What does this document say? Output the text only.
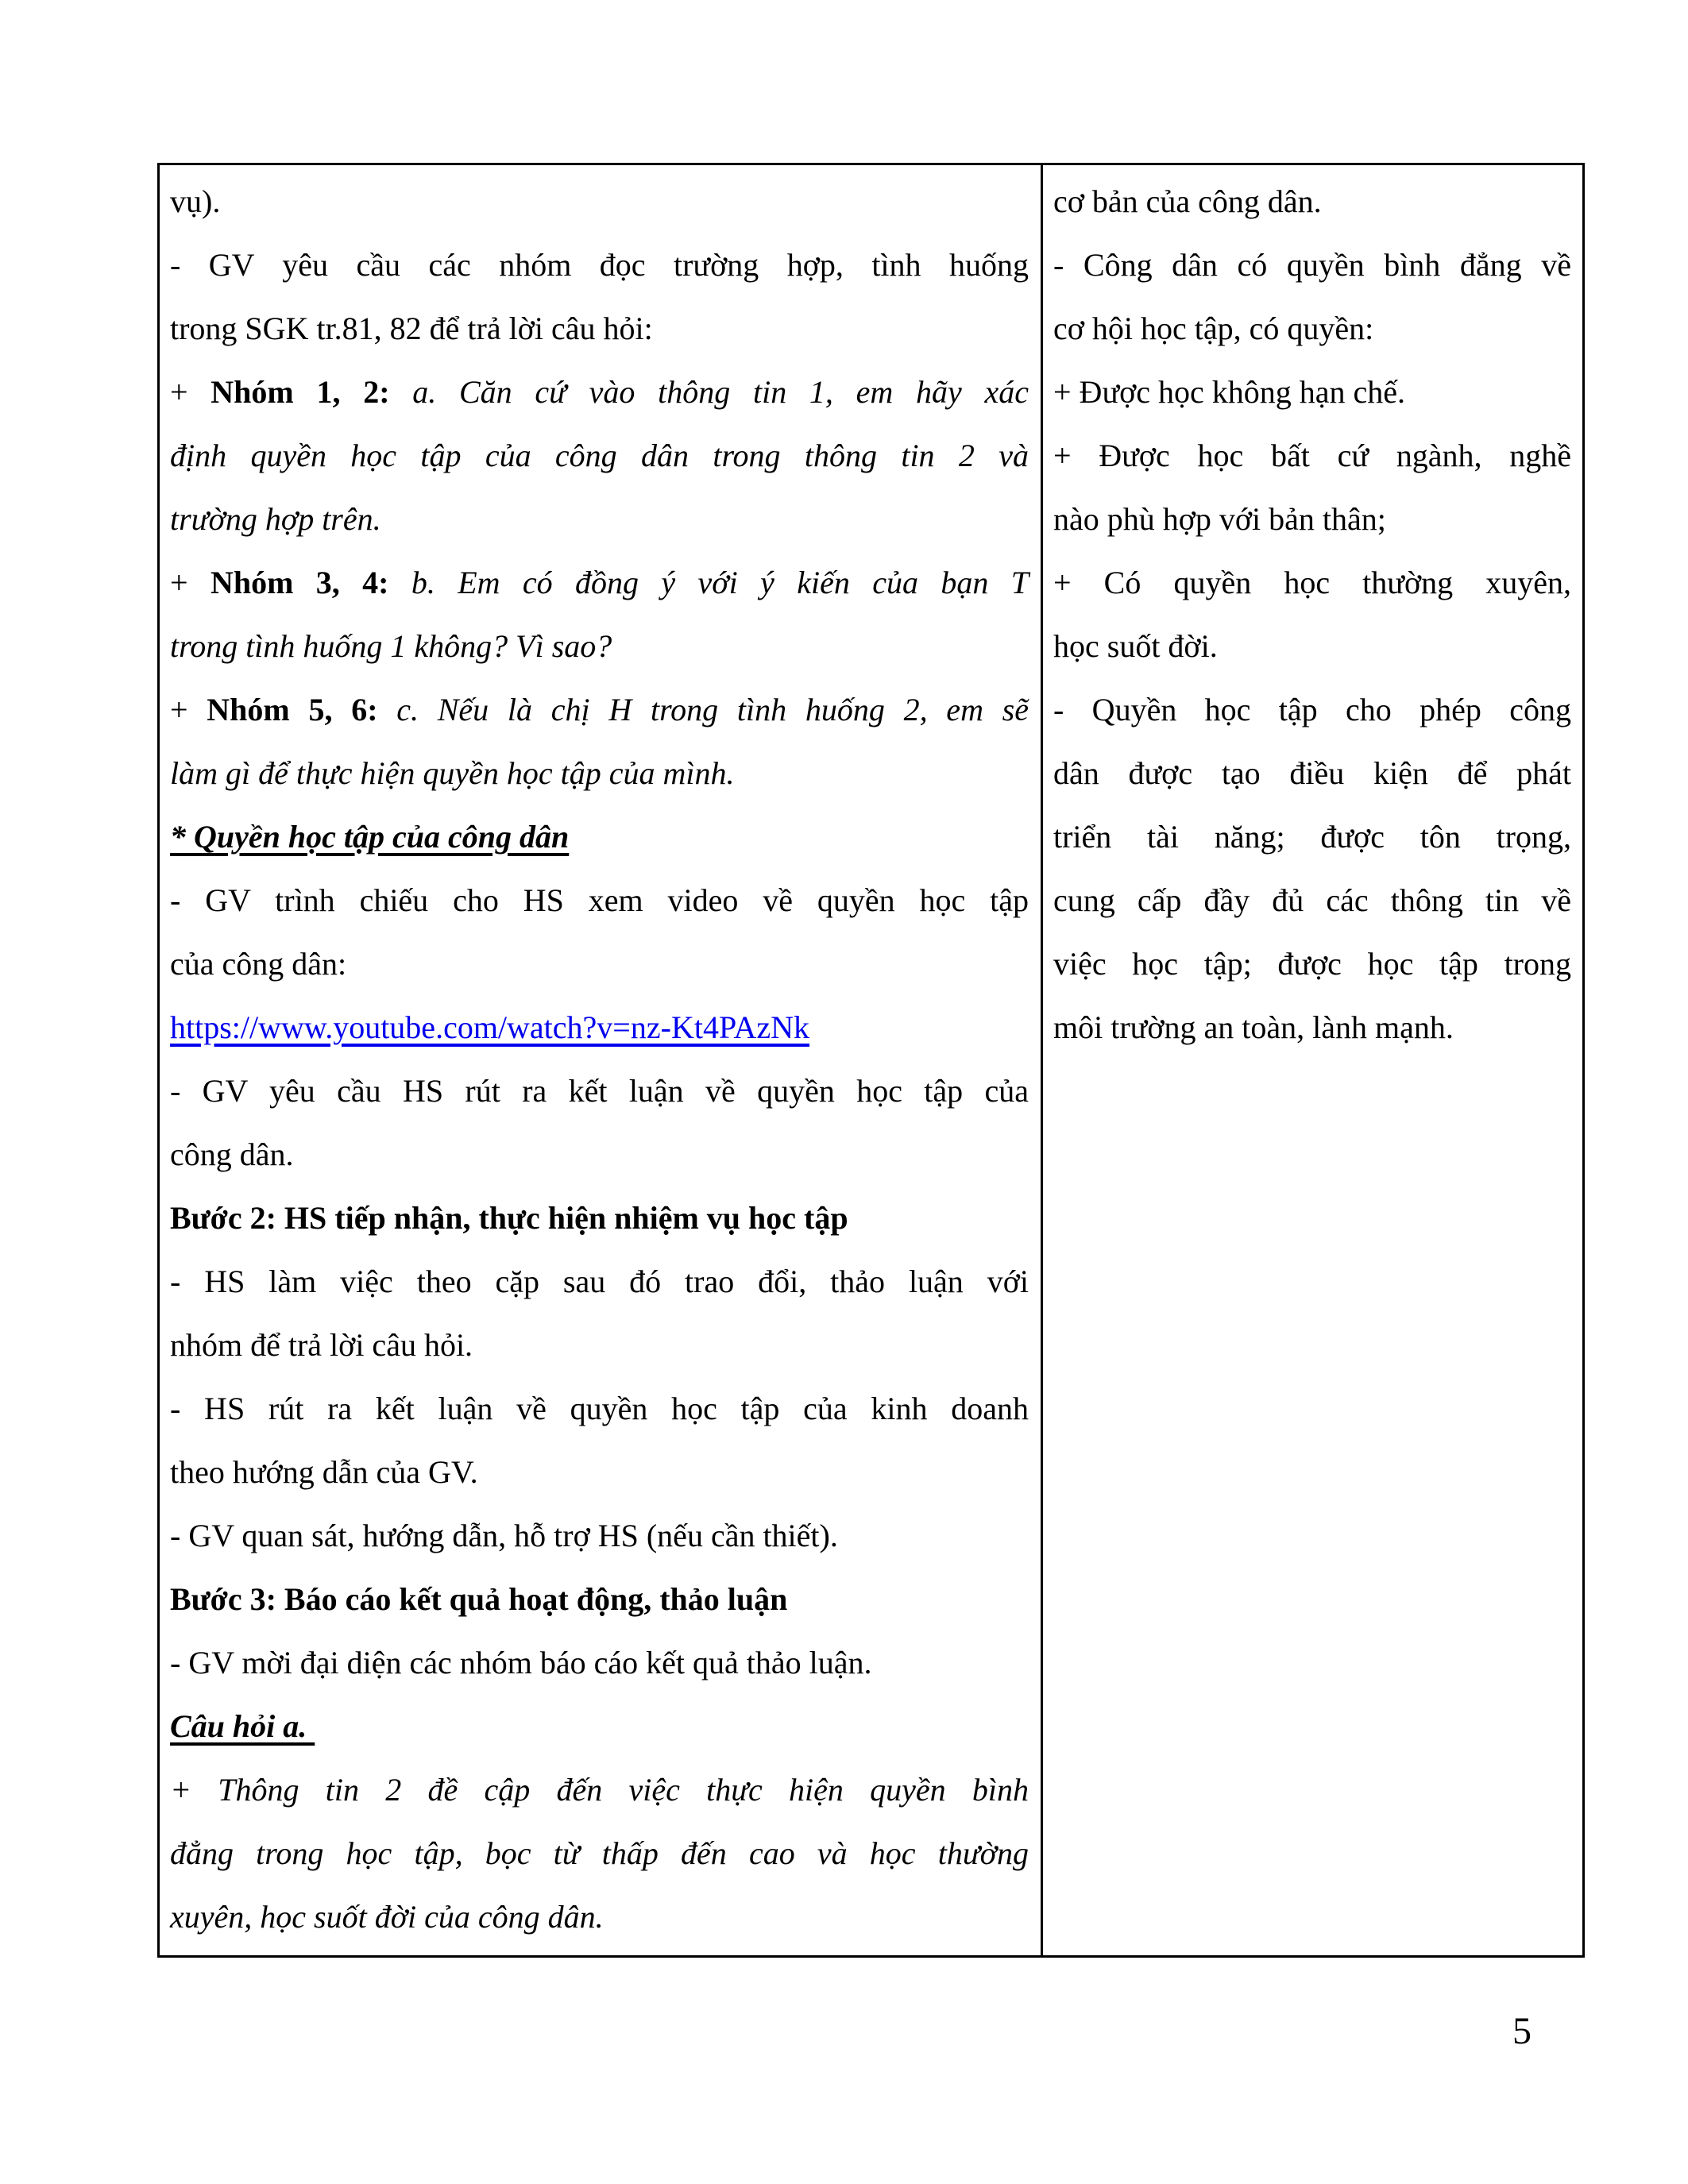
vụ).
- GV yêu cầu các nhóm đọc trường hợp, tình huống
trong SGK tr.81, 82 để trả lời câu hỏi:
+ Nhóm 1, 2: a. Căn cứ vào thông tin 1, em hãy xác
định quyền học tập của công dân trong thông tin 2 và
trường hợp trên.
+ Nhóm 3, 4: b. Em có đồng ý với ý kiến của bạn T
trong tình huống 1 không? Vì sao?
+ Nhóm 5, 6: c. Nếu là chị H trong tình huống 2, em sẽ
làm gì để thực hiện quyền học tập của mình.
* Quyền học tập của công dân
- GV trình chiếu cho HS xem video về quyền học tập
của công dân:
https://www.youtube.com/watch?v=nz-Kt4PAzNk
- GV yêu cầu HS rút ra kết luận về quyền học tập của
công dân.
Bước 2: HS tiếp nhận, thực hiện nhiệm vụ học tập
- HS làm việc theo cặp sau đó trao đổi, thảo luận với
nhóm để trả lời câu hỏi.
- HS rút ra kết luận về quyền học tập của kinh doanh
theo hướng dẫn của GV.
- GV quan sát, hướng dẫn, hỗ trợ HS (nếu cần thiết).
Bước 3: Báo cáo kết quả hoạt động, thảo luận
- GV mời đại diện các nhóm báo cáo kết quả thảo luận.
Câu hỏi a.
+ Thông tin 2 đề cập đến việc thực hiện quyền bình
đẳng trong học tập, bọc từ thấp đến cao và học thường
xuyên, học suốt đời của công dân.
cơ bản của công dân.
- Công dân có quyền bình đẳng về
cơ hội học tập, có quyền:
+ Được học không hạn chế.
+ Được học bất cứ ngành, nghề
nào phù hợp với bản thân;
+ Có quyền học thường xuyên,
học suốt đời.
- Quyền học tập cho phép công
dân được tạo điều kiện để phát
triển tài năng; được tôn trọng,
cung cấp đầy đủ các thông tin về
việc học tập; được học tập trong
môi trường an toàn, lành mạnh.
5
